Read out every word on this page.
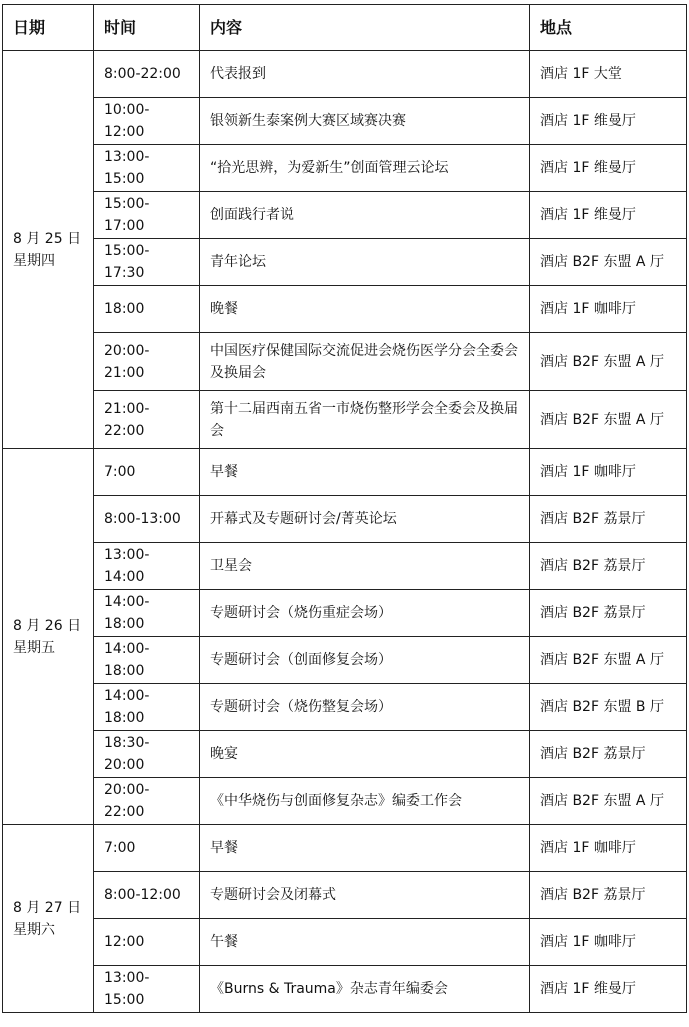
日期	时间	内容	地点

8 月 25 日
星期四	8:00-22:00	代表报到	酒店 1F 大堂
	10:00-12:00	银领新生泰案例大赛区域赛决赛	酒店 1F 维曼厅
	13:00-15:00	“拾光思辨，为爱新生”创面管理云论坛	酒店 1F 维曼厅
	15:00-17:00	创面践行者说	酒店 1F 维曼厅
	15:00-17:30	青年论坛	酒店 B2F 东盟 A 厅
	18:00	晚餐	酒店 1F 咖啡厅
	20:00-21:00	中国医疗保健国际交流促进会烧伤医学分会全委会及换届会	酒店 B2F 东盟 A 厅
	21:00-22:00	第十二届西南五省一市烧伤整形学会全委会及换届会	酒店 B2F 东盟 A 厅

8 月 26 日
星期五	7:00	早餐	酒店 1F 咖啡厅
	8:00-13:00	开幕式及专题研讨会/菁英论坛	酒店 B2F 荔景厅
	13:00-14:00	卫星会	酒店 B2F 荔景厅
	14:00-18:00	专题研讨会（烧伤重症会场）	酒店 B2F 荔景厅
	14:00-18:00	专题研讨会（创面修复会场）	酒店 B2F 东盟 A 厅
	14:00-18:00	专题研讨会（烧伤整复会场）	酒店 B2F 东盟 B 厅
	18:30-20:00	晚宴	酒店 B2F 荔景厅
	20:00-22:00	《中华烧伤与创面修复杂志》编委工作会	酒店 B2F 东盟 A 厅

8 月 27 日
星期六	7:00	早餐	酒店 1F 咖啡厅
	8:00-12:00	专题研讨会及闭幕式	酒店 B2F 荔景厅
	12:00	午餐	酒店 1F 咖啡厅
	13:00-15:00	《Burns & Trauma》杂志青年编委会	酒店 1F 维曼厅
